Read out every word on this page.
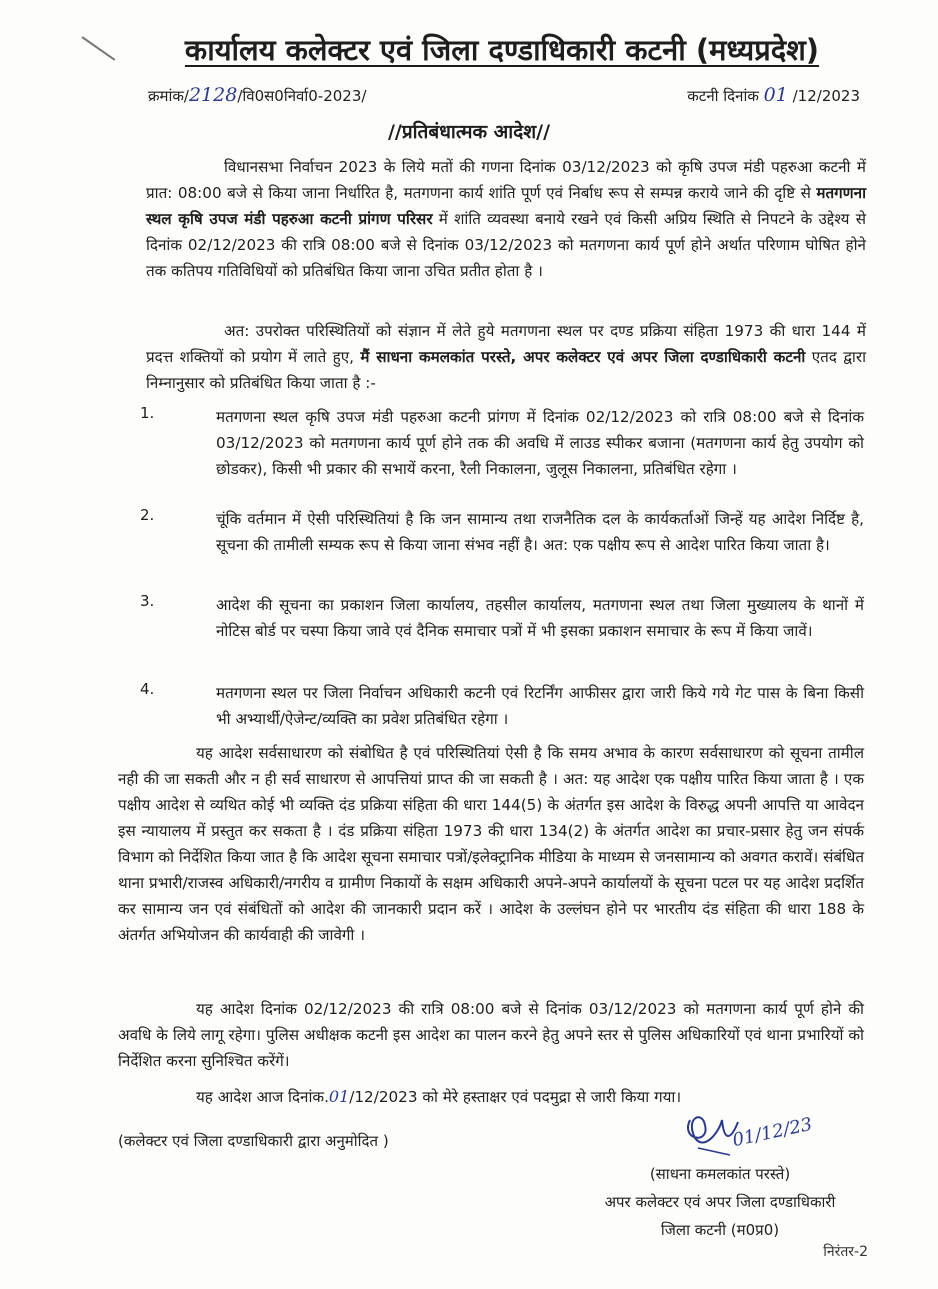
कार्यालय कलेक्टर एवं जिला दण्डाधिकारी कटनी (मध्यप्रदेश)
क्रमांक/2128/वि0स0निर्वा0-2023/	कटनी दिनांक 01 /12/2023
//प्रतिबंधात्मक आदेश//
विधानसभा निर्वाचन 2023 के लिये मतों की गणना दिनांक 03/12/2023 को कृषि उपज मंडी पहरुआ कटनी में प्रात: 08:00 बजे से किया जाना निर्धारित है, मतगणना कार्य शांति पूर्ण एवं निर्बाध रूप से सम्पन्न कराये जाने की दृष्टि से मतगणना स्थल कृषि उपज मंडी पहरुआ कटनी प्रांगण परिसर में शांति व्यवस्था बनाये रखने एवं किसी अप्रिय स्थिति से निपटने के उद्देश्य से दिनांक 02/12/2023 की रात्रि 08:00 बजे से दिनांक 03/12/2023 को मतगणना कार्य पूर्ण होने अर्थात परिणाम घोषित होने तक कतिपय गतिविधियों को प्रतिबंधित किया जाना उचित प्रतीत होता है ।
अत: उपरोक्त परिस्थितियों को संज्ञान में लेते हुये मतगणना स्थल पर दण्ड प्रक्रिया संहिता 1973 की धारा 144 में प्रदत्त शक्तियों को प्रयोग में लाते हुए, मैं साधना कमलकांत परस्ते, अपर कलेक्टर एवं अपर जिला दण्डाधिकारी कटनी एतद द्वारा निम्नानुसार को प्रतिबंधित किया जाता है :-
1.	मतगणना स्थल कृषि उपज मंडी पहरुआ कटनी प्रांगण में दिनांक 02/12/2023 को रात्रि 08:00 बजे से दिनांक 03/12/2023 को मतगणना कार्य पूर्ण होने तक की अवधि में लाउड स्पीकर बजाना (मतगणना कार्य हेतु उपयोग को छोडकर), किसी भी प्रकार की सभायें करना, रैली निकालना, जुलूस निकालना, प्रतिबंधित रहेगा ।
2.	चूंकि वर्तमान में ऐसी परिस्थितियां है कि जन सामान्य तथा राजनैतिक दल के कार्यकर्ताओं जिन्हें यह आदेश निर्दिष्ट है, सूचना की तामीली सम्यक रूप से किया जाना संभव नहीं है। अत: एक पक्षीय रूप से आदेश पारित किया जाता है।
3.	आदेश की सूचना का प्रकाशन जिला कार्यालय, तहसील कार्यालय, मतगणना स्थल तथा जिला मुख्यालय के थानों में नोटिस बोर्ड पर चस्पा किया जावे एवं दैनिक समाचार पत्रों में भी इसका प्रकाशन समाचार के रूप में किया जावें।
4.	मतगणना स्थल पर जिला निर्वाचन अधिकारी कटनी एवं रिटर्निंग आफीसर द्वारा जारी किये गये गेट पास के बिना किसी भी अभ्यार्थी/ऐजेन्ट/व्यक्ति का प्रवेश प्रतिबंधित रहेगा ।
यह आदेश सर्वसाधारण को संबोधित है एवं परिस्थितियां ऐसी है कि समय अभाव के कारण सर्वसाधारण को सूचना तामील नही की जा सकती और न ही सर्व साधारण से आपत्तियां प्राप्त की जा सकती है । अत: यह आदेश एक पक्षीय पारित किया जाता है । एक पक्षीय आदेश से व्यथित कोई भी व्यक्ति दंड प्रक्रिया संहिता की धारा 144(5) के अंतर्गत इस आदेश के विरुद्ध अपनी आपत्ति या आवेदन इस न्यायालय में प्रस्तुत कर सकता है । दंड प्रक्रिया संहिता 1973 की धारा 134(2) के अंतर्गत आदेश का प्रचार-प्रसार हेतु जन संपर्क विभाग को निर्देशित किया जात है कि आदेश सूचना समाचार पत्रों/इलेक्ट्रानिक मीडिया के माध्यम से जनसामान्य को अवगत करावें। संबंधित थाना प्रभारी/राजस्व अधिकारी/नगरीय व ग्रामीण निकायों के सक्षम अधिकारी अपने-अपने कार्यालयों के सूचना पटल पर यह आदेश प्रदर्शित कर सामान्य जन एवं संबंधितों को आदेश की जानकारी प्रदान करें । आदेश के उल्लंघन होने पर भारतीय दंड संहिता की धारा 188 के अंतर्गत अभियोजन की कार्यवाही की जावेगी ।
यह आदेश दिनांक 02/12/2023 की रात्रि 08:00 बजे से दिनांक 03/12/2023 को मतगणना कार्य पूर्ण होने की अवधि के लिये लागू रहेगा। पुलिस अधीक्षक कटनी इस आदेश का पालन करने हेतु अपने स्तर से पुलिस अधिकारियों एवं थाना प्रभारियों को निर्देशित करना सुनिश्चित करेंगें।
यह आदेश आज दिनांक.01/12/2023 को मेरे हस्ताक्षर एवं पदमुद्रा से जारी किया गया।
(कलेक्टर एवं जिला दण्डाधिकारी द्वारा अनुमोदित )	01/12/23
(साधना कमलकांत परस्ते)
अपर कलेक्टर एवं अपर जिला दण्डाधिकारी
जिला कटनी (म0प्र0)
निरंतर-2
